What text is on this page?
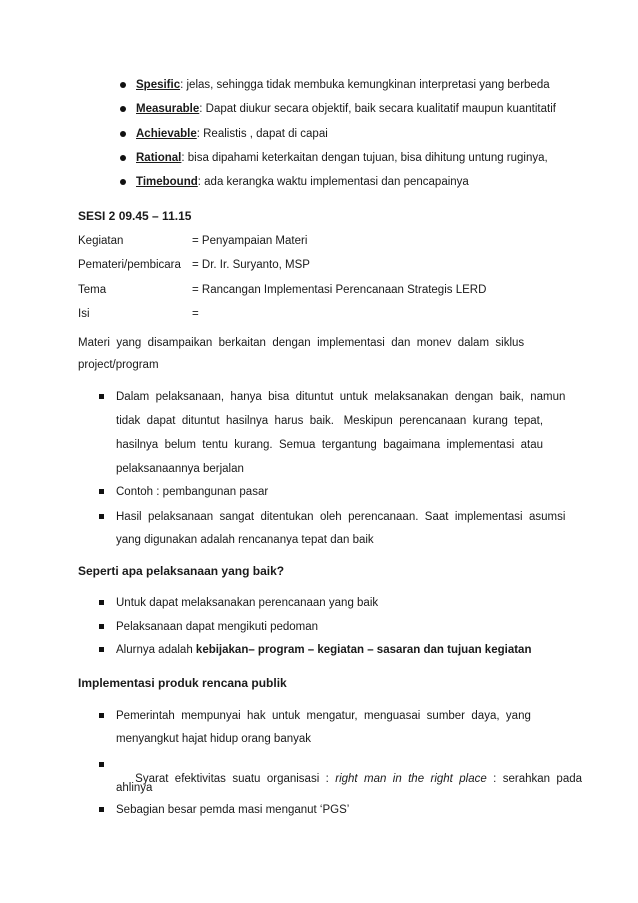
Spesific: jelas, sehingga tidak membuka kemungkinan interpretasi yang berbeda
Measurable: Dapat diukur secara objektif, baik secara kualitatif maupun kuantitatif
Achievable: Realistis , dapat di capai
Rational: bisa dipahami keterkaitan dengan tujuan, bisa dihitung untung ruginya,
Timebound: ada kerangka waktu implementasi dan pencapainya
SESI 2 09.45 – 11.15
Kegiatan	= Penyampaian Materi
Pemateri/pembicara = Dr. Ir. Suryanto, MSP
Tema	= Rancangan Implementasi Perencanaan Strategis LERD
Isi	=
Materi  yang  disampaikan  berkaitan  dengan  implementasi  dan  monev  dalam  siklus
project/program
Dalam  pelaksanaan,  hanya  bisa  dituntut  untuk  melaksanakan  dengan  baik,  namun
tidak  dapat  dituntut  hasilnya  harus  baik.   Meskipun  perencanaan  kurang  tepat,
hasilnya  belum  tentu  kurang.  Semua  tergantung  bagaimana  implementasi  atau
pelaksanaannya berjalan
Contoh : pembangunan pasar
Hasil  pelaksanaan  sangat  ditentukan  oleh  perencanaan.  Saat  implementasi  asumsi
yang digunakan adalah rencananya tepat dan baik
Seperti apa pelaksanaan yang baik?
Untuk dapat melaksanakan perencanaan yang baik
Pelaksanaan dapat mengikuti pedoman
Alurnya adalah kebijakan– program – kegiatan – sasaran dan tujuan kegiatan
Implementasi produk rencana publik
Pemerintah  mempunyai  hak  untuk  mengatur,  menguasai  sumber  daya,  yang
menyangkut hajat hidup orang banyak

Syarat  efektivitas  suatu  organisasi  :  right  man  in  the  right  place  :  serahkan  pada

ahlinya
Sebagian besar pemda masi menganut ‘PGS’
